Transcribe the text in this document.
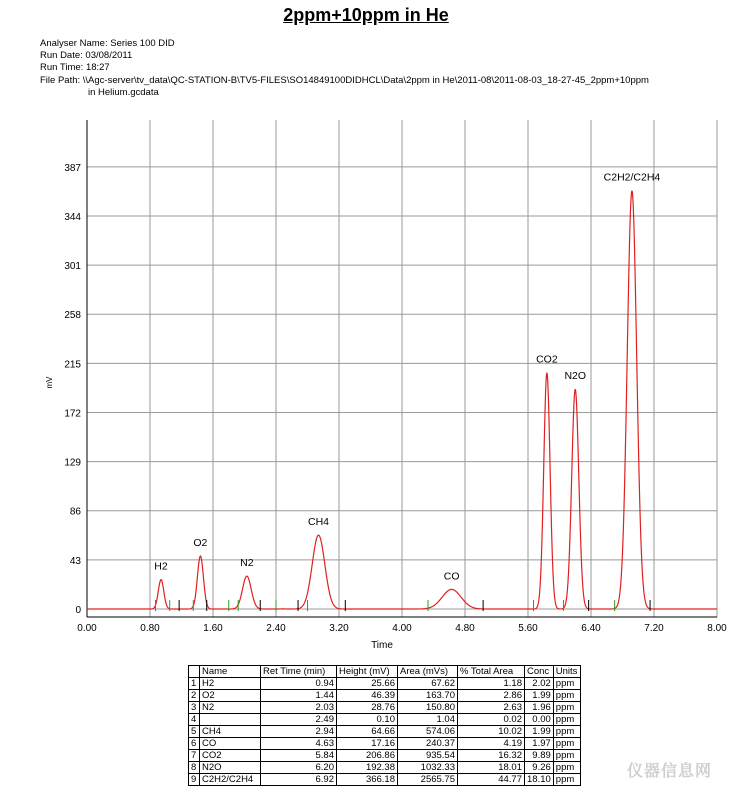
2ppm+10ppm in He
Analyser Name: Series 100 DID
Run Date: 03/08/2011
Run Time: 18:27
File Path: \\Agc-server\tv_data\QC-STATION-B\TV5-FILES\SO14849100DIDHCL\Data\2ppm in He\2011-08\2011-08-03_18-27-45_2ppm+10ppm
in Helium.gcdata
0.00	0.80	1.60	2.40	3.20	4.00	4.80	5.60	6.40	7.20	8.00
0
43
86
129
172
215
258
301
344
387
Time
mV
H2
O2
N2
CH4
CO
CO2
N2O
C2H2/C2H4
	Name	Ret Time (min)	Height (mV)	Area (mVs)	% Total Area	Conc	Units
1	H2	0.94	25.66	67.62	1.18	2.02	ppm
2	O2	1.44	46.39	163.70	2.86	1.99	ppm
3	N2	2.03	28.76	150.80	2.63	1.96	ppm
4		2.49	0.10	1.04	0.02	0.00	ppm
5	CH4	2.94	64.66	574.06	10.02	1.99	ppm
6	CO	4.63	17.16	240.37	4.19	1.97	ppm
7	CO2	5.84	206.86	935.54	16.32	9.89	ppm
8	N2O	6.20	192.38	1032.33	18.01	9.26	ppm
9	C2H2/C2H4	6.92	366.18	2565.75	44.77	18.10	ppm	仪器信息网
